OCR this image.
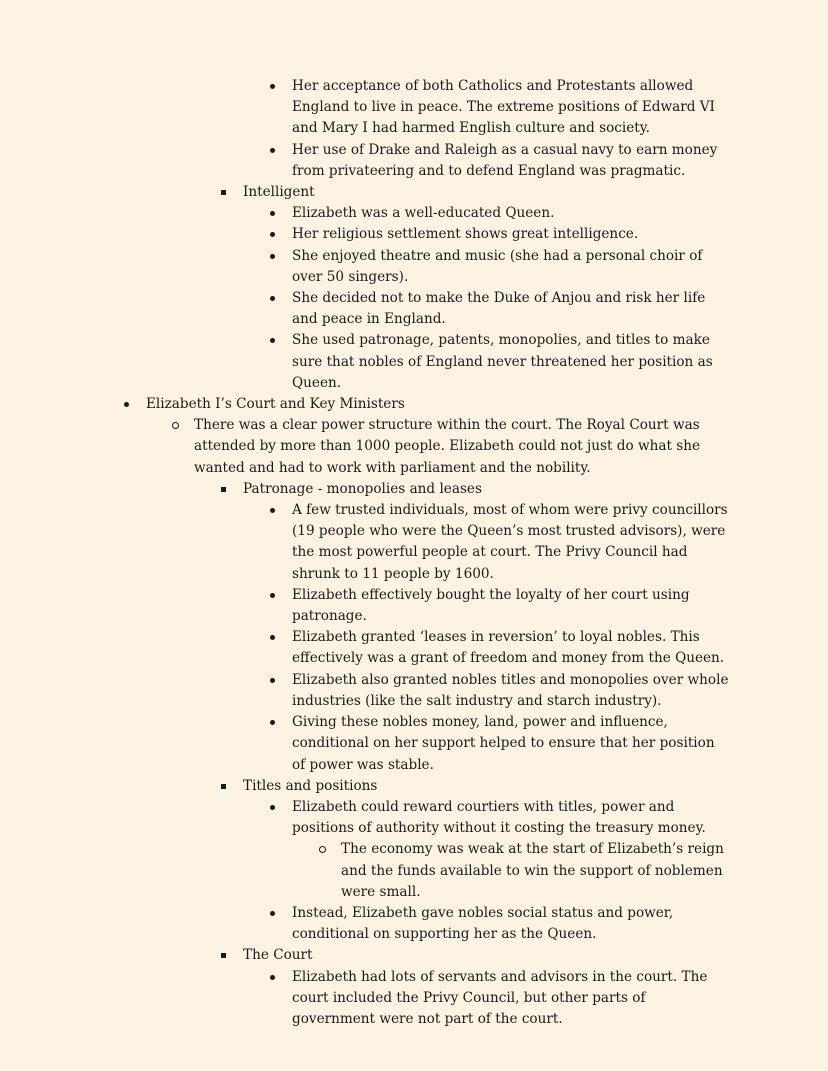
Her acceptance of both Catholics and Protestants allowed England to live in peace. The extreme positions of Edward VI and Mary I had harmed English culture and society.
Her use of Drake and Raleigh as a casual navy to earn money from privateering and to defend England was pragmatic.
Intelligent
Elizabeth was a well-educated Queen.
Her religious settlement shows great intelligence.
She enjoyed theatre and music (she had a personal choir of over 50 singers).
She decided not to make the Duke of Anjou and risk her life and peace in England.
She used patronage, patents, monopolies, and titles to make sure that nobles of England never threatened her position as Queen.
Elizabeth I’s Court and Key Ministers
There was a clear power structure within the court. The Royal Court was attended by more than 1000 people. Elizabeth could not just do what she wanted and had to work with parliament and the nobility.
Patronage - monopolies and leases
A few trusted individuals, most of whom were privy councillors (19 people who were the Queen’s most trusted advisors), were the most powerful people at court. The Privy Council had shrunk to 11 people by 1600.
Elizabeth effectively bought the loyalty of her court using patronage.
Elizabeth granted ‘leases in reversion’ to loyal nobles. This effectively was a grant of freedom and money from the Queen.
Elizabeth also granted nobles titles and monopolies over whole industries (like the salt industry and starch industry).
Giving these nobles money, land, power and influence, conditional on her support helped to ensure that her position of power was stable.
Titles and positions
Elizabeth could reward courtiers with titles, power and positions of authority without it costing the treasury money.
The economy was weak at the start of Elizabeth’s reign and the funds available to win the support of noblemen were small.
Instead, Elizabeth gave nobles social status and power, conditional on supporting her as the Queen.
The Court
Elizabeth had lots of servants and advisors in the court. The court included the Privy Council, but other parts of government were not part of the court.
